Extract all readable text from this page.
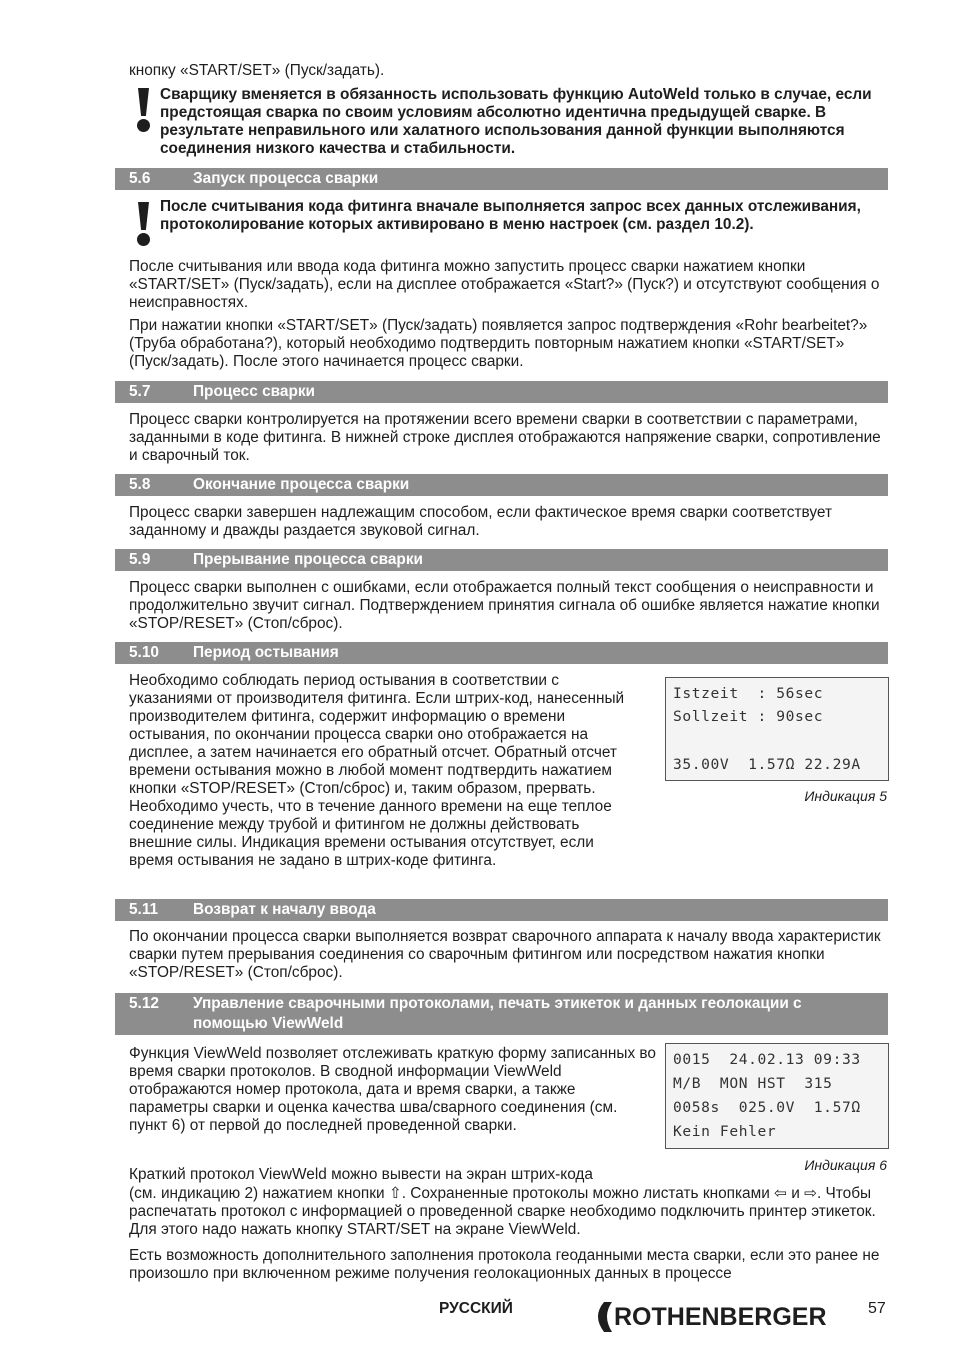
кнопку «START/SET» (Пуск/задать).

Сварщику вменяется в обязанность использовать функцию AutoWeld только в случае, если предстоящая сварка по своим условиям абсолютно идентична предыдущей сварке. В результате неправильного или халатного использования данной функции выполняются соединения низкого качества и стабильности.

5.6	Запуск процесса сварки

После считывания кода фитинга вначале выполняется запрос всех данных отслеживания, протоколирование которых активировано в меню настроек (см. раздел 10.2).

После считывания или ввода кода фитинга можно запустить процесс сварки нажатием кнопки «START/SET» (Пуск/задать), если на дисплее отображается «Start?» (Пуск?) и отсутствуют сообщения о неисправностях.

При нажатии кнопки «START/SET» (Пуск/задать) появляется запрос подтверждения «Rohr bearbeitet?» (Труба обработана?), который необходимо подтвердить повторным нажатием кнопки «START/SET» (Пуск/задать). После этого начинается процесс сварки.

5.7	Процесс сварки

Процесс сварки контролируется на протяжении всего времени сварки в соответствии с параметрами, заданными в коде фитинга. В нижней строке дисплея отображаются напряжение сварки, сопротивление и сварочный ток.

5.8	Окончание процесса сварки

Процесс сварки завершен надлежащим способом, если фактическое время сварки соответствует заданному и дважды раздается звуковой сигнал.

5.9	Прерывание процесса сварки

Процесс сварки выполнен с ошибками, если отображается полный текст сообщения о неисправности и продолжительно звучит сигнал. Подтверждением принятия сигнала об ошибке является нажатие кнопки «STOP/RESET» (Стоп/сброс).

5.10 Период остывания

Необходимо соблюдать период остывания в соответствии с указаниями от производителя фитинга. Если штрих-код, нанесенный производителем фитинга, содержит информацию о времени остывания, по окончании процесса сварки оно отображается на дисплее, а затем начинается его обратный отсчет. Обратный отсчет времени остывания можно в любой момент подтвердить нажатием кнопки «STOP/RESET» (Стоп/сброс) и, таким образом, прервать. Необходимо учесть, что в течение данного времени на еще теплое соединение между трубой и фитингом не должны действовать внешние силы. Индикация времени остывания отсутствует, если время остывания не задано в штрих-коде фитинга.

Istzeit  : 56sec
Sollzeit : 90sec
35.00V  1.57Ω 22.29A
Индикация 5
5.11 Возврат к началу ввода

По окончании процесса сварки выполняется возврат сварочного аппарата к началу ввода характеристик сварки путем прерывания соединения со сварочным фитингом или посредством нажатия кнопки «STOP/RESET» (Стоп/сброс).

5.12 Управление сварочными протоколами, печать этикеток и данных геолокации с помощью ViewWeld

Функция ViewWeld позволяет отслеживать краткую форму записанных во время сварки протоколов. В сводной информации ViewWeld отображаются номер протокола, дата и время сварки, а также параметры сварки и оценка качества шва/сварного соединения (см. пункт 6) от первой до последней проведенной сварки.

0015  24.02.13 09:33
M/B  MON HST  315
0058s  025.0V  1.57Ω
Kein Fehler
Индикация 6

Краткий протокол ViewWeld можно вывести на экран штрих-кода

(см. индикацию 2) нажатием кнопки ⇧. Сохраненные протоколы можно листать кнопками ⇦ и ⇨. Чтобы распечатать протокол с информацией о проведенной сварке необходимо подключить принтер этикеток. Для этого надо нажать кнопку START/SET на экране ViewWeld.

Есть возможность дополнительного заполнения протокола геоданными места сварки, если это ранее не произошло при включенном режиме получения геолокационных данных в процессе

РУССКИЙ	ROTHENBERGER	57
